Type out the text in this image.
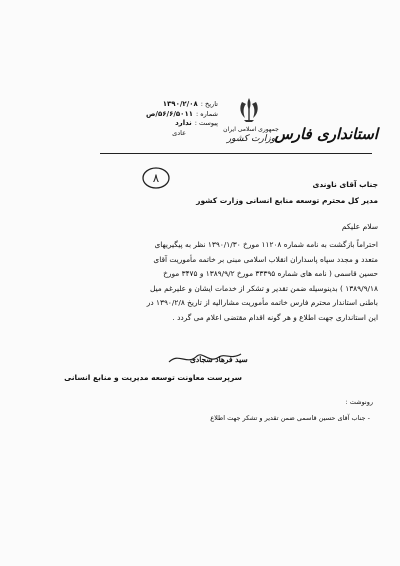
استانداری فارس
جمهوری اسلامی ایران
وزارت کشور
تاریخ :
۱۳۹۰/۲/۰۸
شماره :
۵۶/۶/۵۰۱۱/ص
پیوست :
ندارد
عادی
۸	جناب آقای ناوندی
مدیر کل محترم توسعه منابع انسانی وزارت کشور
سلام علیکم

احتراماً بازگشت به نامه شماره ۱۱۲۰۸ مورخ ۱۳۹۰/۱/۳۰ نظر به پیگیریهای

متعدد و مجدد سپاه پاسداران انقلاب اسلامی مبنی بر خاتمه مأموریت آقای

حسین قاسمی ( نامه های شماره ۳۳۳۹۵ مورخ ۱۳۸۹/۹/۲ و ۳۴۷۵ مورخ

۱۳۸۹/۹/۱۸ ) بدینوسیله ضمن تقدیر و تشکر از خدمات ایشان و علیرغم میل

باطنی استاندار محترم فارس خاتمه مأموریت مشارالیه از تاریخ ۱۳۹۰/۲/۸ در

این استانداری جهت اطلاع و هر گونه اقدام مقتضی اعلام می گردد .

سید فرهاد سجادی
سرپرست معاونت توسعه مدیریت و منابع انسانی
رونوشت :
- جناب آقای حسین قاسمی ضمن تقدیر و تشکر جهت اطلاع
